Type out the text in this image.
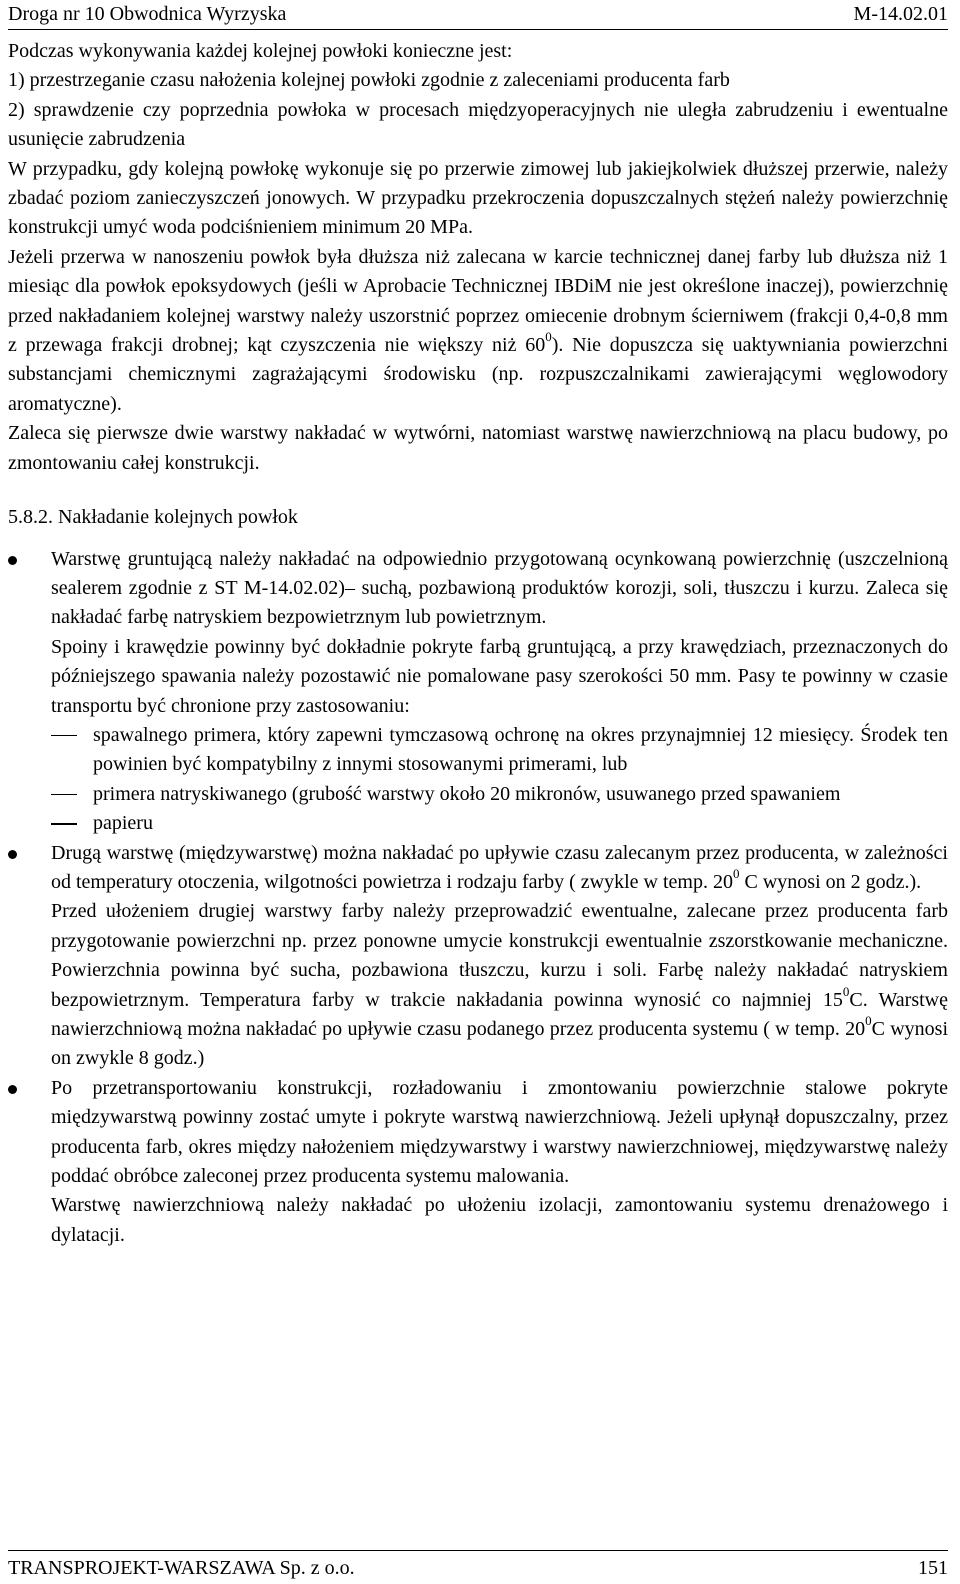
Droga nr 10 Obwodnica Wyrzyska	M-14.02.01

Podczas wykonywania każdej kolejnej powłoki konieczne jest:

1) przestrzeganie czasu nałożenia kolejnej powłoki zgodnie z zaleceniami producenta farb

2) sprawdzenie czy poprzednia powłoka w procesach międzyoperacyjnych nie uległa zabrudzeniu i ewentualne usunięcie zabrudzenia

W przypadku, gdy kolejną powłokę wykonuje się po przerwie zimowej lub jakiejkolwiek dłuższej przerwie, należy zbadać poziom zanieczyszczeń jonowych. W przypadku przekroczenia dopuszczalnych stężeń należy powierzchnię konstrukcji umyć woda podciśnieniem minimum 20 MPa.

Jeżeli przerwa w nanoszeniu powłok była dłuższa niż zalecana w karcie technicznej danej farby lub dłuższa niż 1 miesiąc dla powłok epoksydowych (jeśli w Aprobacie Technicznej IBDiM nie jest określone inaczej), powierzchnię przed nakładaniem kolejnej warstwy należy uszorstnić poprzez omiecenie drobnym ścierniwem (frakcji 0,4-0,8 mm z przewaga frakcji drobnej; kąt czyszczenia nie większy niż $60^0$). Nie dopuszcza się uaktywniania powierzchni substancjami chemicznymi zagrażającymi środowisku (np. rozpuszczalnikami zawierającymi węglowodory aromatyczne).

Zaleca się pierwsze dwie warstwy nakładać w wytwórni, natomiast warstwę nawierzchniową na placu budowy, po zmontowaniu całej konstrukcji.

5.8.2. Nakładanie kolejnych powłok

Warstwę gruntującą należy nakładać na odpowiednio przygotowaną ocynkowaną powierzchnię (uszczelnioną sealerem zgodnie z ST M-14.02.02)– suchą, pozbawioną produktów korozji, soli, tłuszczu i kurzu. Zaleca się nakładać farbę natryskiem bezpowietrznym lub powietrznym.

Spoiny i krawędzie powinny być dokładnie pokryte farbą gruntującą, a przy krawędziach, przeznaczonych do późniejszego spawania należy pozostawić nie pomalowane pasy szerokości 50 mm. Pasy te powinny w czasie transportu być chronione przy zastosowaniu:

spawalnego primera, który zapewni tymczasową ochronę na okres przynajmniej 12 miesięcy. Środek ten powinien być kompatybilny z innymi stosowanymi primerami, lub

primera natryskiwanego (grubość warstwy około 20 mikronów, usuwanego przed spawaniem

papieru

Drugą warstwę (międzywarstwę) można nakładać po upływie czasu zalecanym przez producenta, w zależności od temperatury otoczenia, wilgotności powietrza i rodzaju farby ( zwykle w temp. $20^0$ C wynosi on 2 godz.).

Przed ułożeniem drugiej warstwy farby należy przeprowadzić ewentualne, zalecane przez producenta farb przygotowanie powierzchni np. przez ponowne umycie konstrukcji ewentualnie zszorstkowanie mechaniczne. Powierzchnia powinna być sucha, pozbawiona tłuszczu, kurzu i soli. Farbę należy nakładać natryskiem bezpowietrznym. Temperatura farby w trakcie nakładania powinna wynosić co najmniej $15^0C$. Warstwę nawierzchniową można nakładać po upływie czasu podanego przez producenta systemu ( w temp. $20^0C$ wynosi on zwykle 8 godz.)

Po przetransportowaniu konstrukcji, rozładowaniu i zmontowaniu powierzchnie stalowe pokryte międzywarstwą powinny zostać umyte i pokryte warstwą nawierzchniową. Jeżeli upłynął dopuszczalny, przez producenta farb, okres między nałożeniem międzywarstwy i warstwy nawierzchniowej, międzywarstwę należy poddać obróbce zaleconej przez producenta systemu malowania.

Warstwę nawierzchniową należy nakładać po ułożeniu izolacji, zamontowaniu systemu drenażowego i dylatacji.

TRANSPROJEKT-WARSZAWA Sp. z o.o.	151
